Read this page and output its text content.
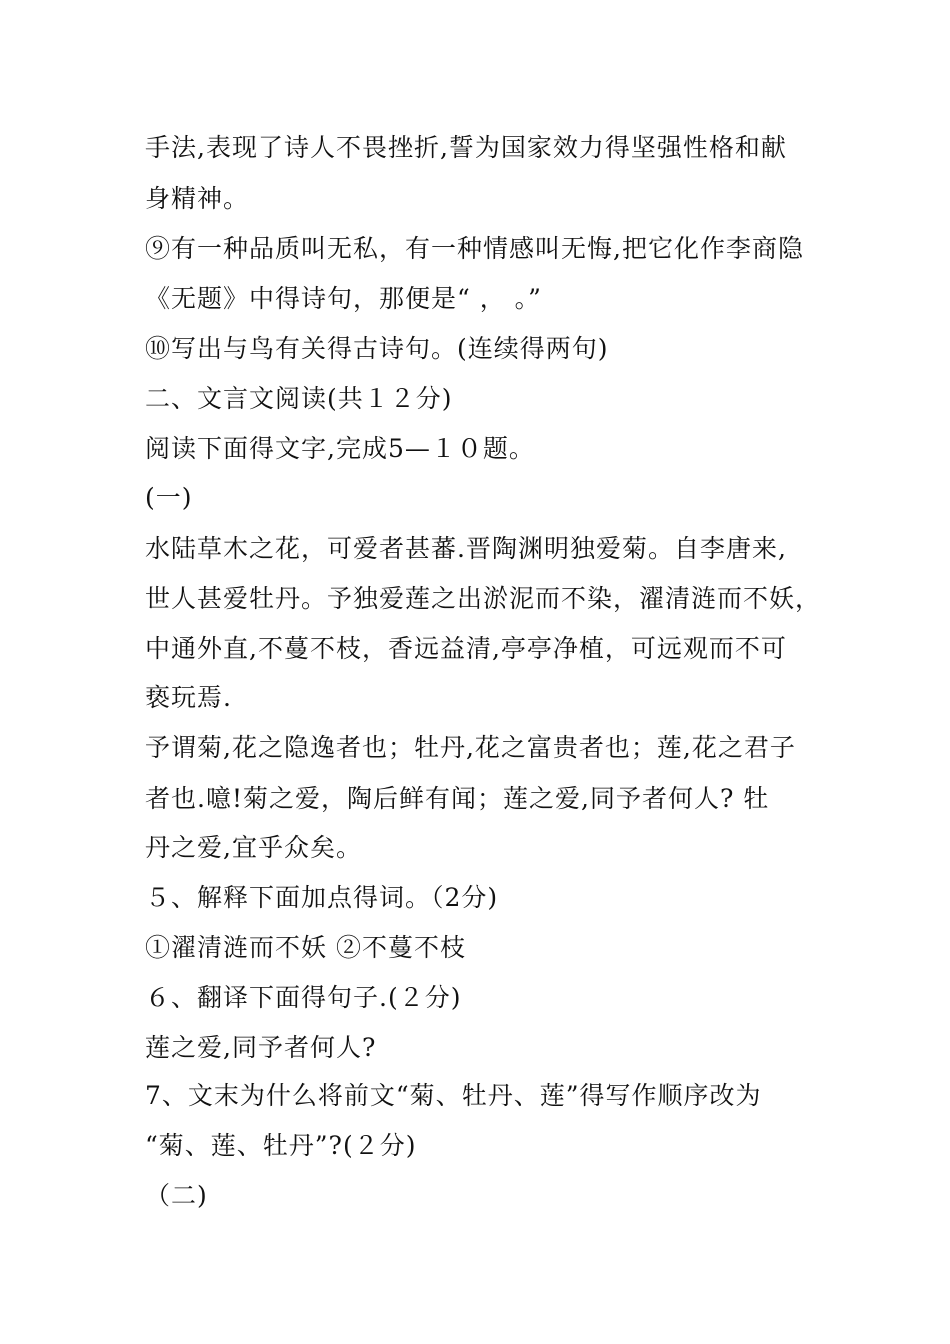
手法,表现了诗人不畏挫折,誓为国家效力得坚强性格和献
身精神。
⑨有一种品质叫无私，有一种情感叫无悔,把它化作李商隐
《无题》中得诗句，那便是“ ， 。”
⑩写出与鸟有关得古诗句。(连续得两句)
二、文言文阅读(共１２分)
阅读下面得文字,完成5—１０题。
(一)
水陆草木之花，可爱者甚蕃.晋陶渊明独爱菊。自李唐来,
世人甚爱牡丹。予独爱莲之出淤泥而不染，濯清涟而不妖，
中通外直,不蔓不枝，香远益清,亭亭净植，可远观而不可
亵玩焉.
予谓菊,花之隐逸者也；牡丹,花之富贵者也；莲,花之君子
者也.噫!菊之爱，陶后鲜有闻；莲之爱,同予者何人? 牡
丹之爱,宜乎众矣。
５、解释下面加点得词。（2分)
①濯清涟而不妖 ②不蔓不枝
６、翻译下面得句子.(２分)
莲之爱,同予者何人?
7、文末为什么将前文“菊、牡丹、莲”得写作顺序改为
“菊、莲、牡丹”?(２分)
（二)
